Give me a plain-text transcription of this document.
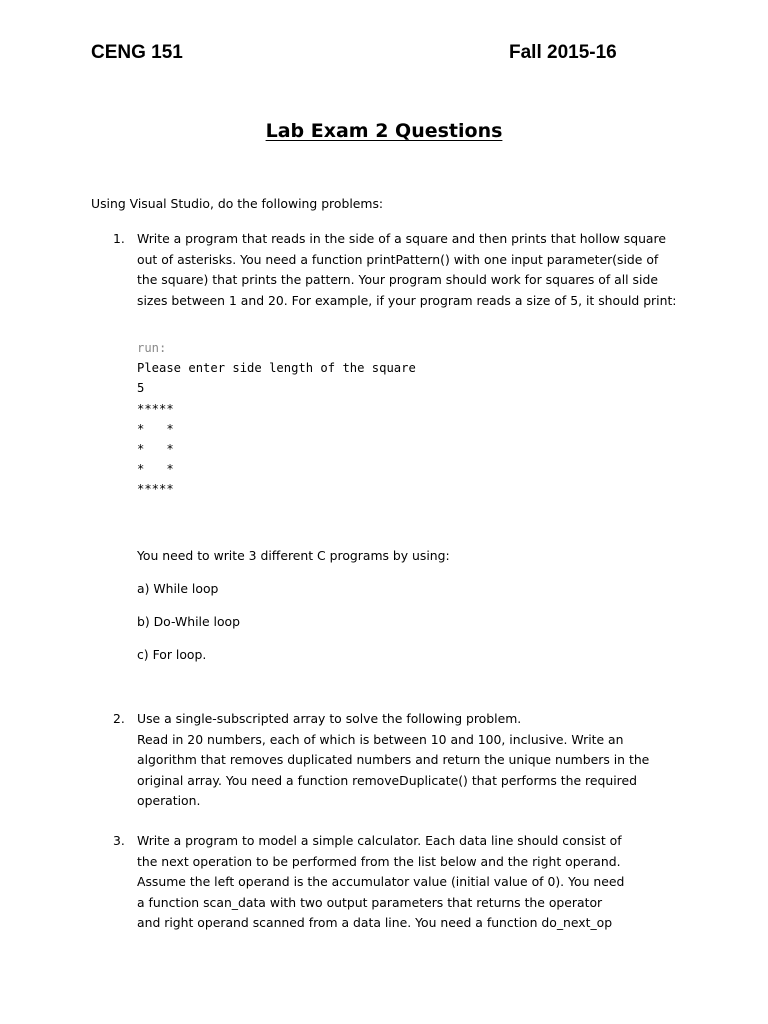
CENG 151	Fall 2015-16
Lab Exam 2 Questions
Using Visual Studio, do the following problems:
1. Write a program that reads in the side of a square and then prints that hollow square
out of asterisks. You need a function printPattern() with one input parameter(side of
the square) that prints the pattern. Your program should work for squares of all side
sizes between 1 and 20. For example, if your program reads a size of 5, it should print:
run:
Please enter side length of the square
5
*****
*   *
*   *
*   *
*****
You need to write 3 different C programs by using:
a) While loop
b) Do-While loop
c) For loop.
2. Use a single-subscripted array to solve the following problem.
Read in 20 numbers, each of which is between 10 and 100, inclusive. Write an
algorithm that removes duplicated numbers and return the unique numbers in the
original array. You need a function removeDuplicate() that performs the required
operation.
3. Write a program to model a simple calculator. Each data line should consist of
the next operation to be performed from the list below and the right operand.
Assume the left operand is the accumulator value (initial value of 0). You need
a function scan_data with two output parameters that returns the operator
and right operand scanned from a data line. You need a function do_next_op
